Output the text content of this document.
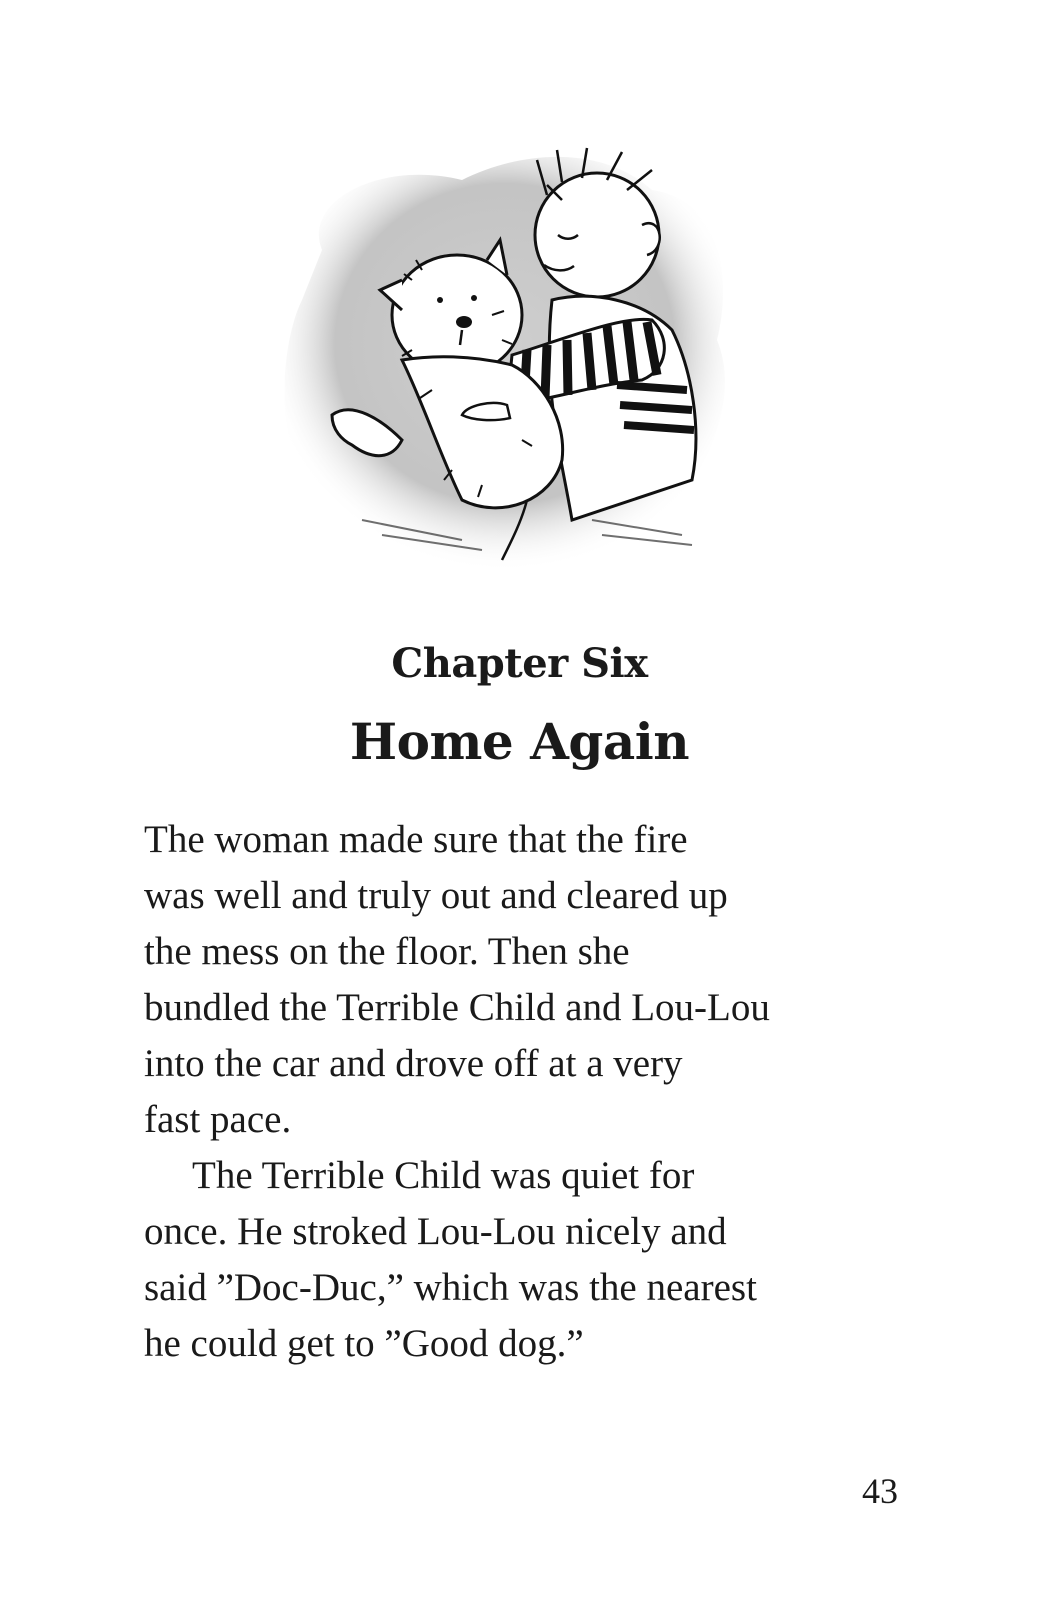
Chapter Six
Home Again
The woman made sure that the fire
was well and truly out and cleared up
the mess on the floor. Then she
bundled the Terrible Child and Lou-Lou
into the car and drove off at a very
fast pace.
The Terrible Child was quiet for
once. He stroked Lou-Lou nicely and
said ”Doc-Duc,” which was the nearest
he could get to ”Good dog.”
43
